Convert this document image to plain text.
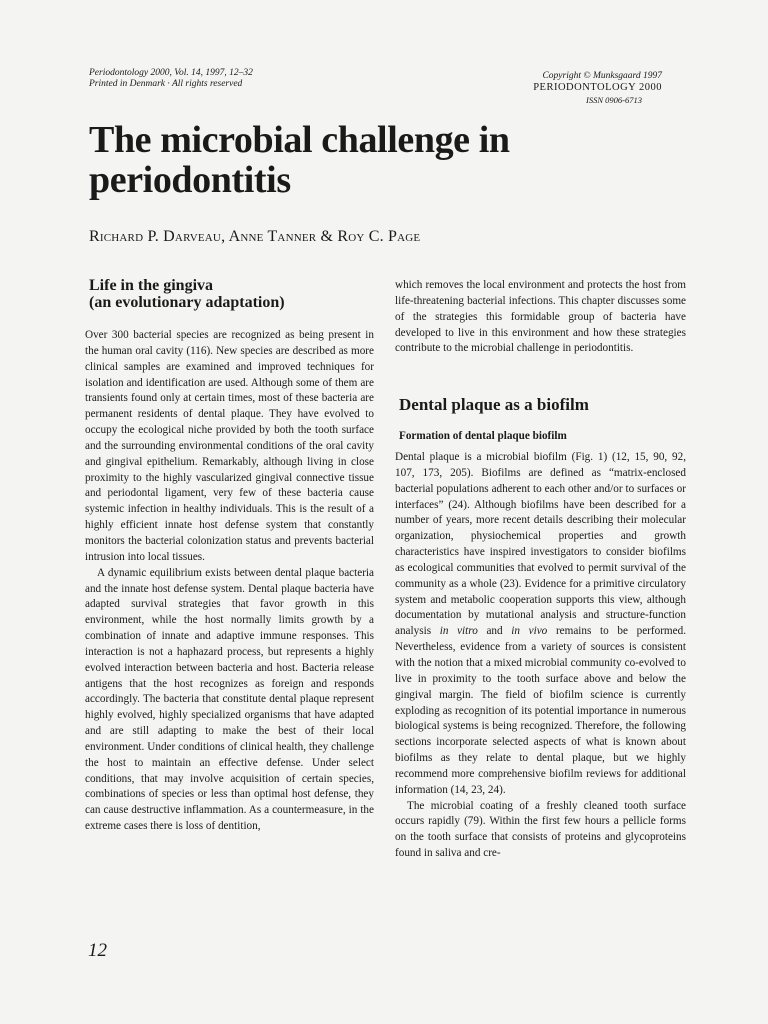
Periodontology 2000, Vol. 14, 1997, 12–32
Printed in Denmark · All rights reserved
Copyright © Munksgaard 1997
PERIODONTOLOGY 2000
ISSN 0906-6713
The microbial challenge in
periodontitis
Richard P. Darveau, Anne Tanner & Roy C. Page
Life in the gingiva
(an evolutionary adaptation)

Over 300 bacterial species are recognized as being present in the human oral cavity (116). New species are described as more clinical samples are examined and improved techniques for isolation and identification are used. Although some of them are transients found only at certain times, most of these bacteria are permanent residents of dental plaque. They have evolved to occupy the ecological niche provided by both the tooth surface and the surrounding environmental conditions of the oral cavity and gingival epithelium. Remarkably, although living in close proximity to the highly vascularized gingival connective tissue and periodontal ligament, very few of these bacteria cause systemic infection in healthy individuals. This is the result of a highly efficient innate host defense system that constantly monitors the bacterial colonization status and prevents bacterial intrusion into local tissues.

A dynamic equilibrium exists between dental plaque bacteria and the innate host defense system. Dental plaque bacteria have adapted survival strategies that favor growth in this environment, while the host normally limits growth by a combination of innate and adaptive immune responses. This interaction is not a haphazard process, but represents a highly evolved interaction between bacteria and host. Bacteria release antigens that the host recognizes as foreign and responds accordingly. The bacteria that constitute dental plaque represent highly evolved, highly specialized organisms that have adapted and are still adapting to make the best of their local environment. Under conditions of clinical health, they challenge the host to maintain an effective defense. Under select conditions, that may involve acquisition of certain species, combinations of species or less than optimal host defense, they can cause destructive inflammation. As a countermeasure, in the extreme cases there is loss of dentition,

which removes the local environment and protects the host from life-threatening bacterial infections. This chapter discusses some of the strategies this formidable group of bacteria have developed to live in this environment and how these strategies contribute to the microbial challenge in periodontitis.

Dental plaque as a biofilm
Formation of dental plaque biofilm

Dental plaque is a microbial biofilm (Fig. 1) (12, 15, 90, 92, 107, 173, 205). Biofilms are defined as “matrix-enclosed bacterial populations adherent to each other and/or to surfaces or interfaces” (24). Although biofilms have been described for a number of years, more recent details describing their molecular organization, physiochemical properties and growth characteristics have inspired investigators to consider biofilms as ecological communities that evolved to permit survival of the community as a whole (23). Evidence for a primitive circulatory system and metabolic cooperation supports this view, although documentation by mutational analysis and structure-function analysis in vitro and in vivo remains to be performed. Nevertheless, evidence from a variety of sources is consistent with the notion that a mixed microbial community co-evolved to live in proximity to the tooth surface above and below the gingival margin. The field of biofilm science is currently exploding as recognition of its potential importance in numerous biological systems is being recognized. Therefore, the following sections incorporate selected aspects of what is known about biofilms as they relate to dental plaque, but we highly recommend more comprehensive biofilm reviews for additional information (14, 23, 24).

The microbial coating of a freshly cleaned tooth surface occurs rapidly (79). Within the first few hours a pellicle forms on the tooth surface that consists of proteins and glycoproteins found in saliva and cre-

12
